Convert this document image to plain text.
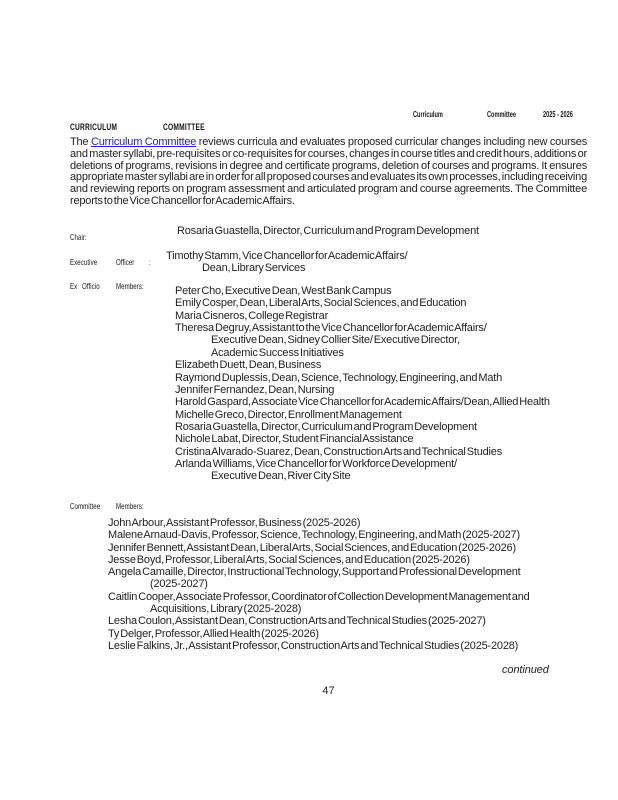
Curriculum	Committee	2025 - 2026
CURRICULUM	COMMITTEE
The Curriculum Committee reviews curricula and evaluates proposed curricular changes including new courses and master syllabi, pre-requisites or co-requisites for courses, changes in course titles and credit hours, additions or deletions of programs, revisions in degree and certificate programs, deletion of courses and programs. It ensures appropriate master syllabi are in order for all proposed courses and evaluates its own processes, including receiving and reviewing reports on program assessment and articulated program and course agreements. The Committee reports to the Vice Chancellor for Academic Affairs.
Chair:	Rosaria Guastella, Director, Curriculum and Program Development
Executive	Officer	: Timothy Stamm, Vice Chancellor for Academic Affairs/
Dean, Library Services
Ex Officio	Members:	Peter Cho, Executive Dean, West Bank Campus
Emily Cosper, Dean, Liberal Arts, Social Sciences, and Education
Maria Cisneros, College Registrar
Theresa Degruy, Assistant to the Vice Chancellor for Academic Affairs/
Executive Dean, Sidney Collier Site/ Executive Director,
Academic Success Initiatives
Elizabeth Duett, Dean, Business
Raymond Duplessis, Dean, Science, Technology, Engineering, and Math
Jennifer Fernandez, Dean, Nursing
Harold Gaspard, Associate Vice Chancellor for Academic Affairs/Dean, Allied Health
Michelle Greco, Director, Enrollment Management
Rosaria Guastella, Director, Curriculum and Program Development
Nichole Labat, Director, Student Financial Assistance
Cristina Alvarado-Suarez, Dean, Construction Arts and Technical Studies
Arlanda Williams, Vice Chancellor for Workforce Development/
Executive Dean, River City Site
Committee	Members:
John Arbour, Assistant Professor, Business (2025-2026)
Malene Arnaud-Davis, Professor, Science, Technology, Engineering, and Math (2025-2027)
Jennifer Bennett, Assistant Dean, Liberal Arts, Social Sciences, and Education (2025-2026)
Jesse Boyd, Professor, Liberal Arts, Social Sciences, and Education (2025-2026)
Angela Camaille, Director, Instructional Technology, Support and Professional Development
(2025-2027)
Caitlin Cooper, Associate Professor, Coordinator of Collection Development Management and
Acquisitions, Library (2025-2028)
Lesha Coulon, Assistant Dean, Construction Arts and Technical Studies (2025-2027)
Ty Delger, Professor, Allied Health (2025-2026)
Leslie Falkins, Jr., Assistant Professor, Construction Arts and Technical Studies (2025-2028)
continued
47
